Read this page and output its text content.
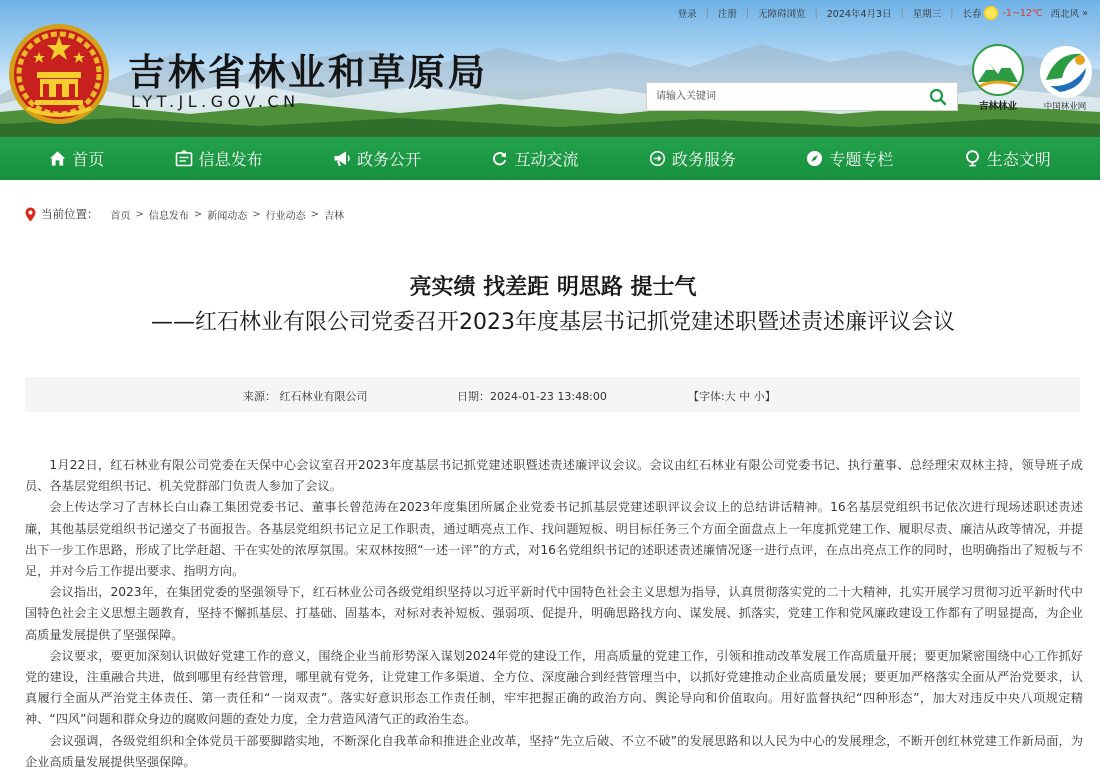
登录 | 注册 | 无障碍浏览 | 2024年4月3日 | 星期三 | 长春 -1~12℃ 西北风 »
吉林省林业和草原局
LYT.JL.GOV.CN
请输入关键词	吉林林业	中国林业网
首页	信息发布	政务公开	互动交流	政务服务	专题专栏	生态文明
当前位置： 首页 > 信息发布 > 新闻动态 > 行业动态 > 吉林
亮实绩 找差距 明思路 提士气
——红石林业有限公司党委召开2023年度基层书记抓党建述职暨述责述廉评议会议
来源： 红石林业有限公司	日期：2024-01-23 13:48:00	【字体:大 中 小】

1月22日，红石林业有限公司党委在天保中心会议室召开2023年度基层书记抓党建述职暨述责述廉评议会议。会议由红石林业有限公司党委书记、执行董事、总经理宋双林主持，领导班子成员、各基层党组织书记、机关党群部门负责人参加了会议。

会上传达学习了吉林长白山森工集团党委书记、董事长曾范涛在2023年度集团所属企业党委书记抓基层党建述职评议会议上的总结讲话精神。16名基层党组织书记依次进行现场述职述责述廉，其他基层党组织书记递交了书面报告。各基层党组织书记立足工作职责，通过晒亮点工作、找问题短板、明目标任务三个方面全面盘点上一年度抓党建工作、履职尽责、廉洁从政等情况，并提出下一步工作思路，形成了比学赶超、干在实处的浓厚氛围。宋双林按照“一述一评”的方式，对16名党组织书记的述职述责述廉情况逐一进行点评，在点出亮点工作的同时，也明确指出了短板与不足，并对今后工作提出要求、指明方向。

会议指出，2023年，在集团党委的坚强领导下，红石林业公司各级党组织坚持以习近平新时代中国特色社会主义思想为指导，认真贯彻落实党的二十大精神，扎实开展学习贯彻习近平新时代中国特色社会主义思想主题教育，坚持不懈抓基层、打基础、固基本，对标对表补短板、强弱项、促提升，明确思路找方向、谋发展、抓落实，党建工作和党风廉政建设工作都有了明显提高，为企业高质量发展提供了坚强保障。

会议要求，要更加深刻认识做好党建工作的意义，围绕企业当前形势深入谋划2024年党的建设工作，用高质量的党建工作，引领和推动改革发展工作高质量开展；要更加紧密围绕中心工作抓好党的建设，注重融合共进，做到哪里有经营管理，哪里就有党务，让党建工作多渠道、全方位、深度融合到经营管理当中，以抓好党建推动企业高质量发展；要更加严格落实全面从严治党要求，认真履行全面从严治党主体责任、第一责任和“一岗双责”。落实好意识形态工作责任制，牢牢把握正确的政治方向、舆论导向和价值取向。用好监督执纪“四种形态”，加大对违反中央八项规定精神、“四风”问题和群众身边的腐败问题的查处力度，全力营造风清气正的政治生态。

会议强调，各级党组织和全体党员干部要脚踏实地，不断深化自我革命和推进企业改革，坚持“先立后破、不立不破”的发展思路和以人民为中心的发展理念，不断开创红林党建工作新局面，为企业高质量发展提供坚强保障。
